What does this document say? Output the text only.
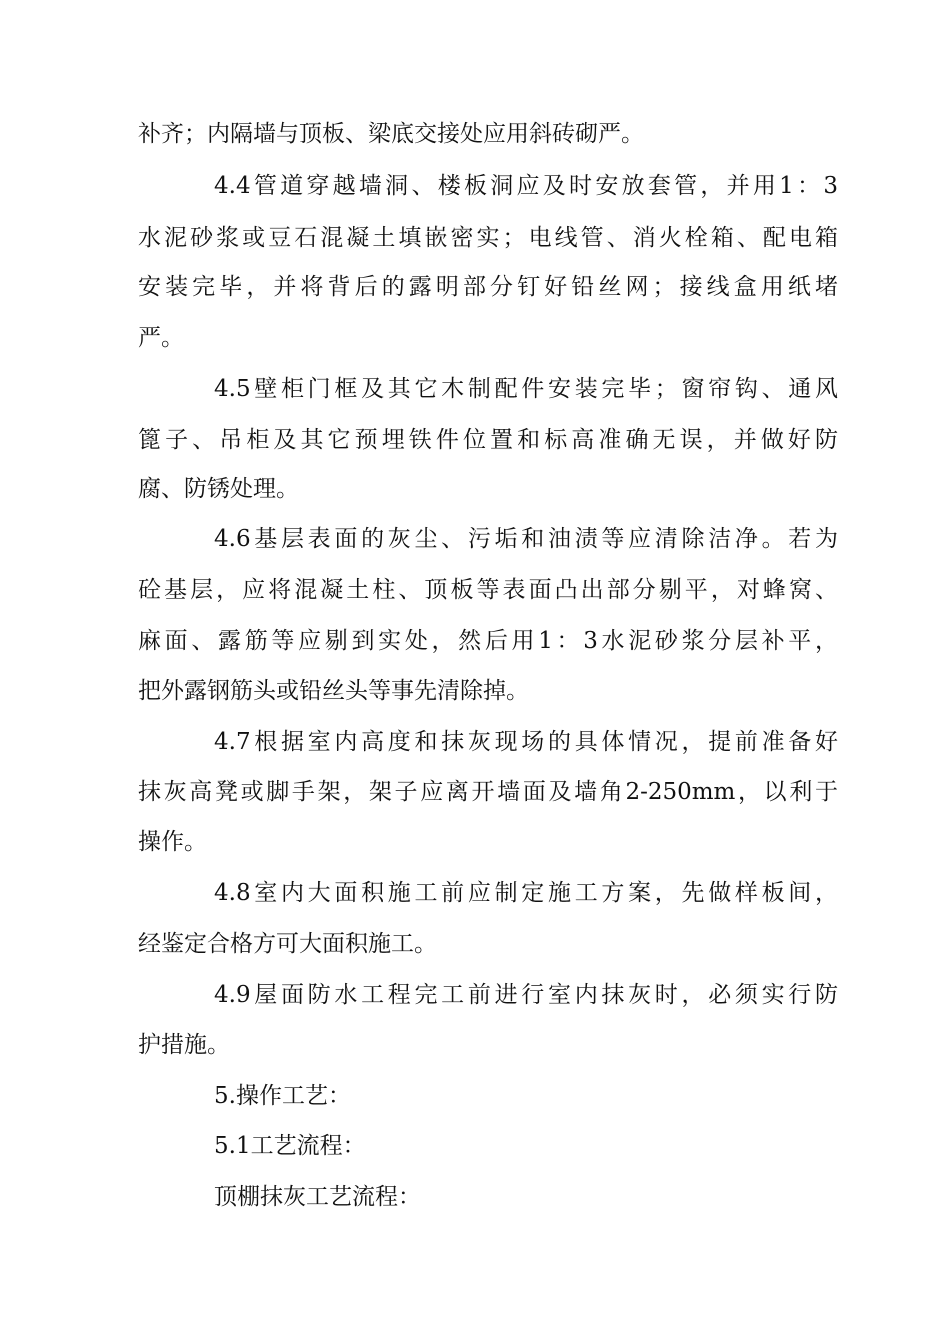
补齐；内隔墙与顶板、梁底交接处应用斜砖砌严。
4.4管道穿越墙洞、楼板洞应及时安放套管，并用1：3
水泥砂浆或豆石混凝土填嵌密实；电线管、消火栓箱、配电箱
安装完毕，并将背后的露明部分钉好铅丝网；接线盒用纸堵
严。
4.5壁柜门框及其它木制配件安装完毕；窗帘钩、通风
篦子、吊柜及其它预埋铁件位置和标高准确无误，并做好防
腐、防锈处理。
4.6基层表面的灰尘、污垢和油渍等应清除洁净。若为
砼基层，应将混凝土柱、顶板等表面凸出部分剔平，对蜂窝、
麻面、露筋等应剔到实处，然后用1：3水泥砂浆分层补平，
把外露钢筋头或铅丝头等事先清除掉。
4.7根据室内高度和抹灰现场的具体情况，提前准备好
抹灰高凳或脚手架，架子应离开墙面及墙角2-250mm，以利于
操作。
4.8室内大面积施工前应制定施工方案，先做样板间，
经鉴定合格方可大面积施工。
4.9屋面防水工程完工前进行室内抹灰时，必须实行防
护措施。
5.操作工艺：
5.1工艺流程：
顶棚抹灰工艺流程：
